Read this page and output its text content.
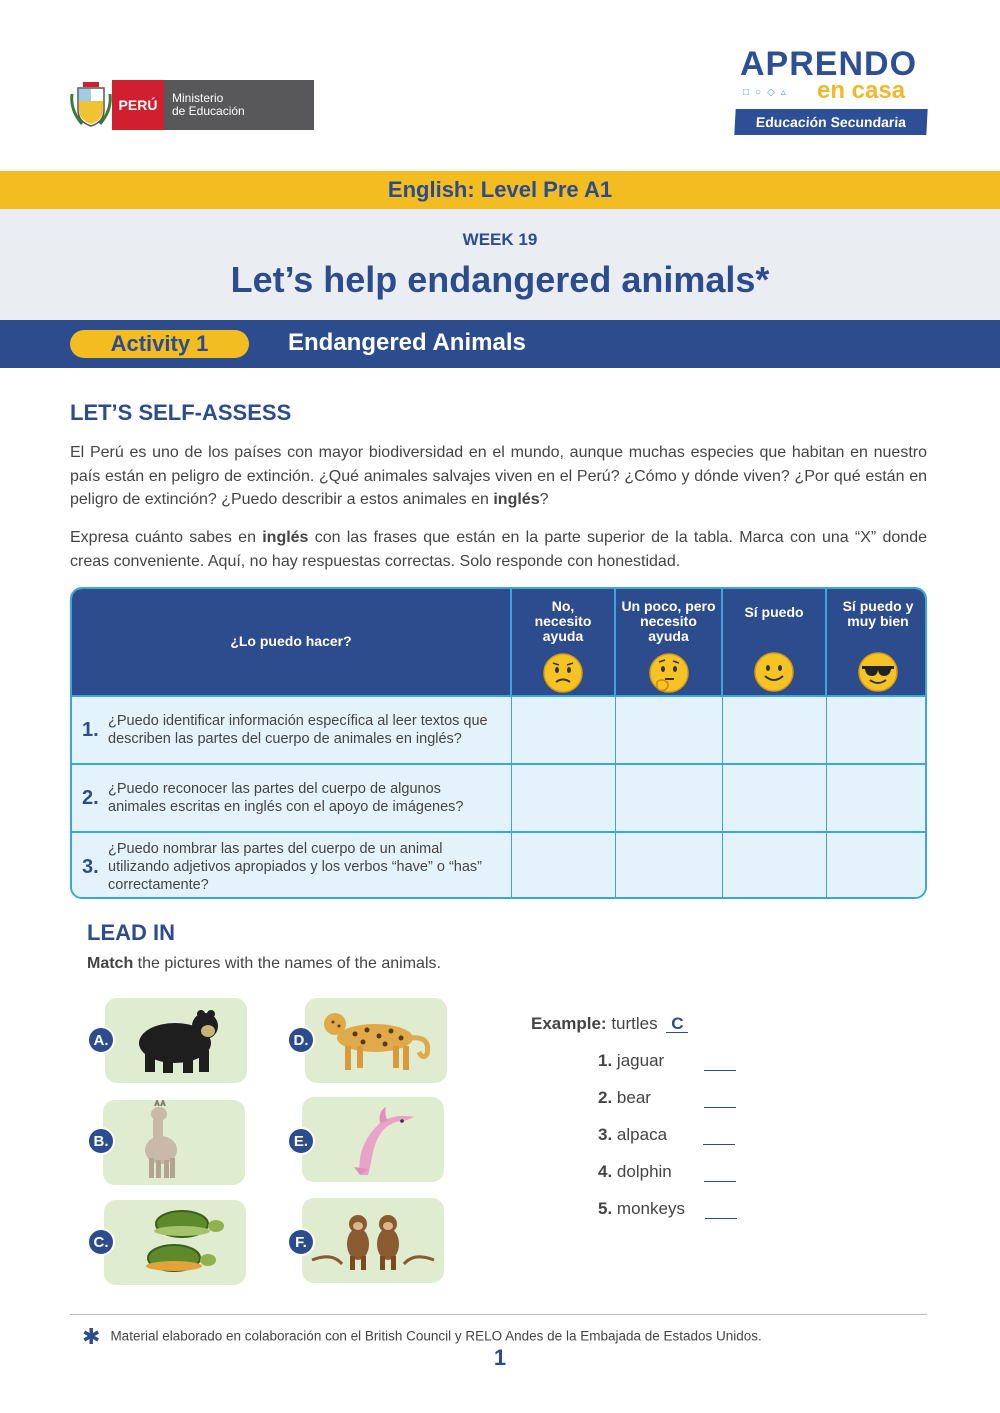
PERÚ	Ministerio
de Educación
APRENDO
□○◇▵ en casa
Educación Secundaria
English: Level Pre A1
WEEK 19
Let’s help endangered animals*
Activity 1	Endangered Animals
LET’S SELF-ASSESS
El Perú es uno de los países con mayor biodiversidad en el mundo, aunque muchas especies que habitan en nuestro país están en peligro de extinción. ¿Qué animales salvajes viven en el Perú? ¿Cómo y dónde viven? ¿Por qué están en peligro de extinción? ¿Puedo describir a estos animales en inglés?
Expresa cuánto sabes en inglés con las frases que están en la parte superior de la tabla. Marca con una “X” donde creas conveniente. Aquí, no hay respuestas correctas. Solo responde con honestidad.
¿Lo puedo hacer?	No, necesito ayuda	Un poco, pero necesito ayuda	Sí puedo	Sí puedo y muy bien

1. ¿Puedo identificar información específica al leer textos que describen las partes del cuerpo de animales en inglés?				

2. ¿Puedo reconocer las partes del cuerpo de algunos animales escritas en inglés con el apoyo de imágenes?				

3.
¿Puedo nombrar las partes del cuerpo de un animal utilizando adjetivos apropiados y los verbos “have” o “has” correctamente?				

LEAD IN
Match the pictures with the names of the animals.
A.
B.
C.
D.
E.
F.
Example: turtles C
1. jaguar
2. bear
3. alpaca
4. dolphin
5. monkeys
✱ Material elaborado en colaboración con el British Council y RELO Andes de la Embajada de Estados Unidos.
1
